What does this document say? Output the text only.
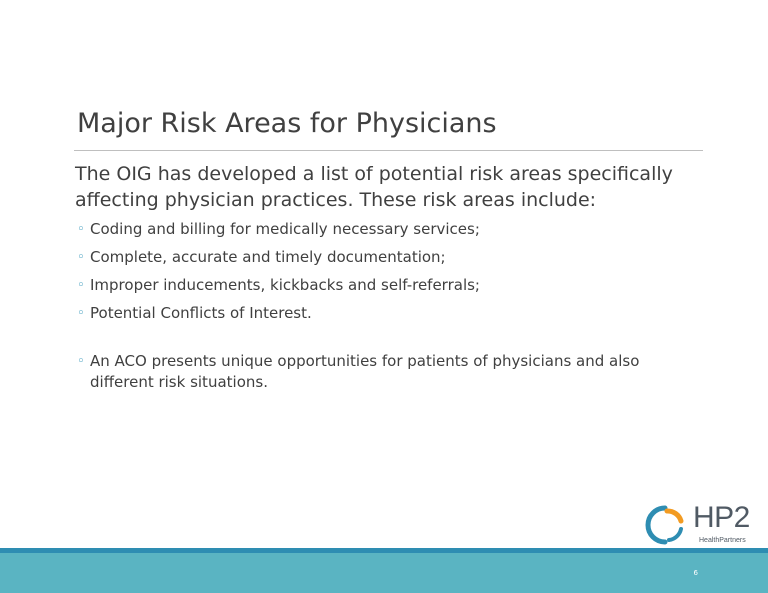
Major Risk Areas for Physicians

The OIG has developed a list of potential risk areas specifically affecting physician practices. These risk areas include:

◦ Coding and billing for medically necessary services;
◦ Complete, accurate and timely documentation;
◦ Improper inducements, kickbacks and self-referrals;
◦ Potential Conflicts of Interest.
◦ An ACO presents unique opportunities for patients of physicians and also different risk situations.
HP2
HealthPartners
6
